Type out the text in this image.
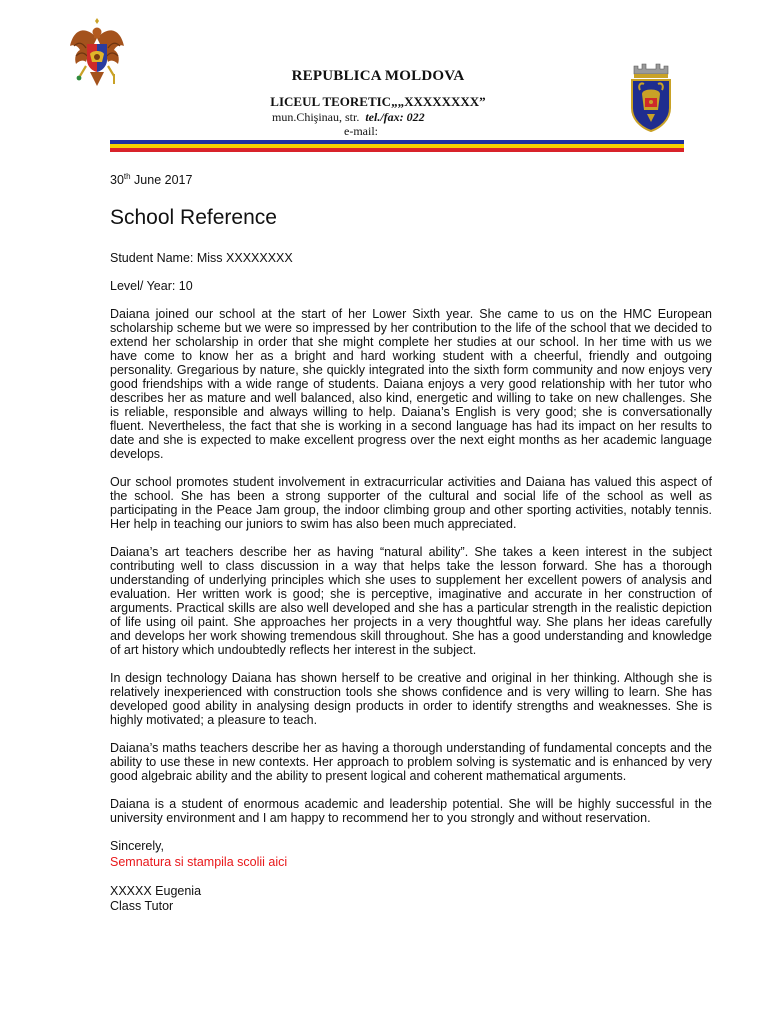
REPUBLICA MOLDOVA
LICEUL TEORETIC„„XXXXXXXX”
mun.Chişinau, str. tel./fax: 022
e-mail:
30th June 2017
School Reference
Student Name: Miss XXXXXXXX
Level/ Year: 10

Daiana joined our school at the start of her Lower Sixth year. She came to us on the HMC European scholarship scheme but we were so impressed by her contribution to the life of the school that we decided to extend her scholarship in order that she might complete her studies at our school. In her time with us we have come to know her as a bright and hard working student with a cheerful, friendly and outgoing personality. Gregarious by nature, she quickly integrated into the sixth form community and now enjoys very good friendships with a wide range of students. Daiana enjoys a very good relationship with her tutor who describes her as mature and well balanced, also kind, energetic and willing to take on new challenges. She is reliable, responsible and always willing to help. Daiana’s English is very good; she is conversationally fluent. Nevertheless, the fact that she is working in a second language has had its impact on her results to date and she is expected to make excellent progress over the next eight months as her academic language develops.

Our school promotes student involvement in extracurricular activities and Daiana has valued this aspect of the school. She has been a strong supporter of the cultural and social life of the school as well as participating in the Peace Jam group, the indoor climbing group and other sporting activities, notably tennis. Her help in teaching our juniors to swim has also been much appreciated.

Daiana’s art teachers describe her as having “natural ability”. She takes a keen interest in the subject contributing well to class discussion in a way that helps take the lesson forward. She has a thorough understanding of underlying principles which she uses to supplement her excellent powers of analysis and evaluation. Her written work is good; she is perceptive, imaginative and accurate in her construction of arguments. Practical skills are also well developed and she has a particular strength in the realistic depiction of life using oil paint. She approaches her projects in a very thoughtful way. She plans her ideas carefully and develops her work showing tremendous skill throughout. She has a good understanding and knowledge of art history which undoubtedly reflects her interest in the subject.

In design technology Daiana has shown herself to be creative and original in her thinking. Although she is relatively inexperienced with construction tools she shows confidence and is very willing to learn. She has developed good ability in analysing design products in order to identify strengths and weaknesses. She is highly motivated; a pleasure to teach.

Daiana’s maths teachers describe her as having a thorough understanding of fundamental concepts and the ability to use these in new contexts. Her approach to problem solving is systematic and is enhanced by very good algebraic ability and the ability to present logical and coherent mathematical arguments.

Daiana is a student of enormous academic and leadership potential. She will be highly successful in the university environment and I am happy to recommend her to you strongly and without reservation.

Sincerely,
Semnatura si stampila scolii aici
XXXXX Eugenia
Class Tutor
